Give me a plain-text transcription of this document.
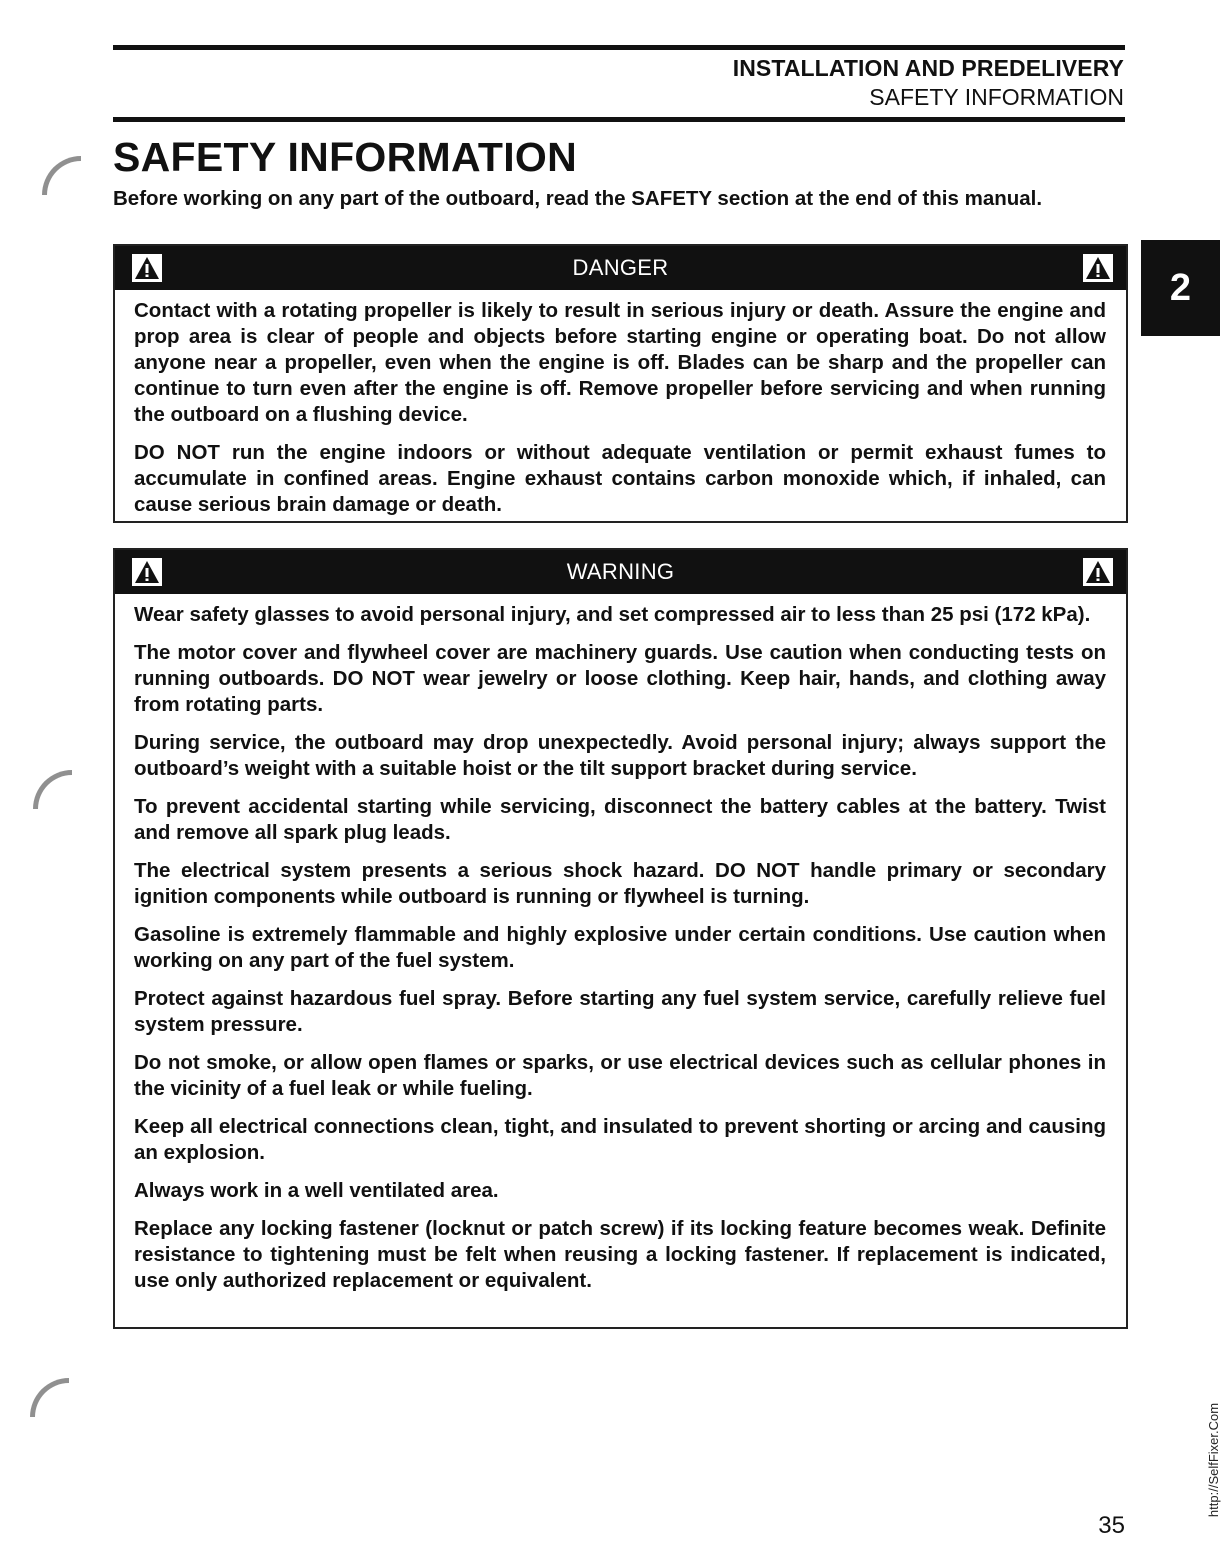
INSTALLATION AND PREDELIVERY
SAFETY INFORMATION
SAFETY INFORMATION
Before working on any part of the outboard, read the SAFETY section at the end of this manual.
2
DANGER

Contact with a rotating propeller is likely to result in serious injury or death. Assure the engine and prop area is clear of people and objects before starting engine or operating boat. Do not allow anyone near a propeller, even when the engine is off. Blades can be sharp and the propeller can continue to turn even after the engine is off. Remove propeller before servicing and when running the outboard on a flushing device.

DO NOT run the engine indoors or without adequate ventilation or permit exhaust fumes to accumulate in confined areas. Engine exhaust contains carbon monoxide which, if inhaled, can cause serious brain damage or death.

WARNING

Wear safety glasses to avoid personal injury, and set compressed air to less than 25 psi (172 kPa).

The motor cover and flywheel cover are machinery guards. Use caution when conducting tests on running outboards. DO NOT wear jewelry or loose clothing. Keep hair, hands, and clothing away from rotating parts.

During service, the outboard may drop unexpectedly. Avoid personal injury; always support the outboard’s weight with a suitable hoist or the tilt support bracket during service.

To prevent accidental starting while servicing, disconnect the battery cables at the battery. Twist and remove all spark plug leads.

The electrical system presents a serious shock hazard. DO NOT handle primary or secondary ignition components while outboard is running or flywheel is turning.

Gasoline is extremely flammable and highly explosive under certain conditions. Use caution when working on any part of the fuel system.

Protect against hazardous fuel spray. Before starting any fuel system service, carefully relieve fuel system pressure.

Do not smoke, or allow open flames or sparks, or use electrical devices such as cellular phones in the vicinity of a fuel leak or while fueling.

Keep all electrical connections clean, tight, and insulated to prevent shorting or arcing and causing an explosion.

Always work in a well ventilated area.

Replace any locking fastener (locknut or patch screw) if its locking feature becomes weak. Definite resistance to tightening must be felt when reusing a locking fastener. If replacement is indicated, use only authorized replacement or equivalent.

http://SelfFixer.Com
35
